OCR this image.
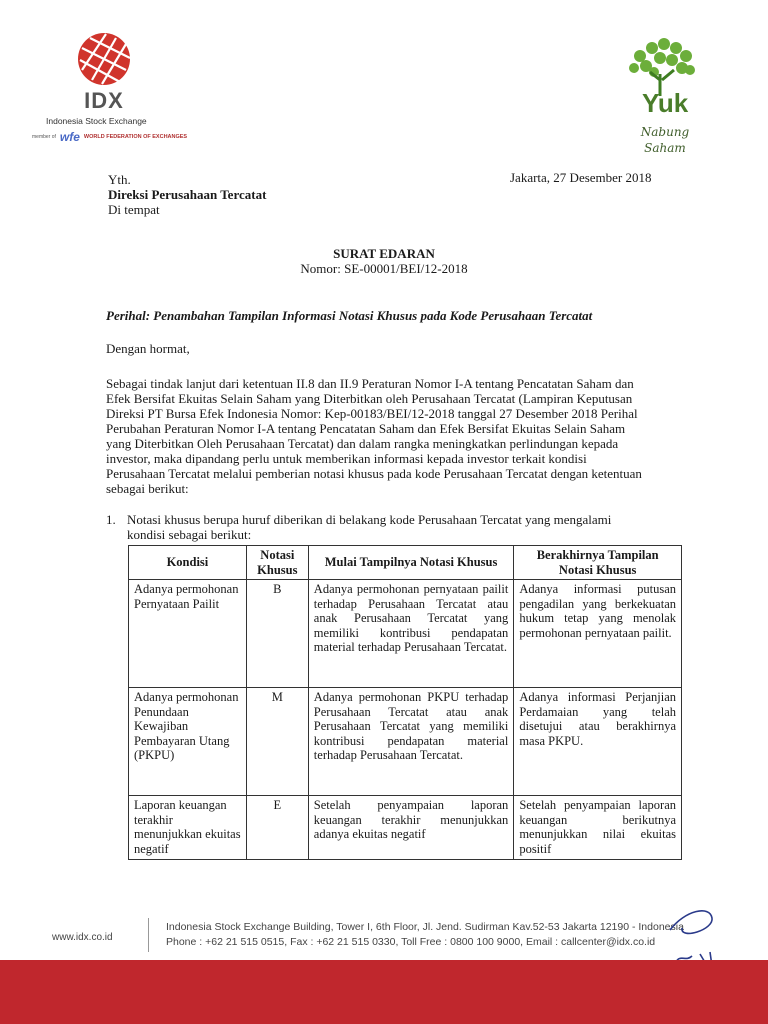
IDX
Indonesia Stock Exchange
member of wfe WORLD FEDERATION OF EXCHANGES
Yuk
Nabung
Saham
Yth.
Direksi Perusahaan Tercatat
Di tempat
Jakarta, 27 Desember 2018
SURAT EDARAN
Nomor: SE-00001/BEI/12-2018
Perihal: Penambahan Tampilan Informasi Notasi Khusus pada Kode Perusahaan Tercatat
Dengan hormat,
Sebagai tindak lanjut dari ketentuan II.8 dan II.9 Peraturan Nomor I-A tentang Pencatatan Saham dan
Efek Bersifat Ekuitas Selain Saham yang Diterbitkan oleh Perusahaan Tercatat (Lampiran Keputusan
Direksi PT Bursa Efek Indonesia Nomor: Kep-00183/BEI/12-2018 tanggal 27 Desember 2018 Perihal
Perubahan Peraturan Nomor I-A tentang Pencatatan Saham dan Efek Bersifat Ekuitas Selain Saham
yang Diterbitkan Oleh Perusahaan Tercatat) dan dalam rangka meningkatkan perlindungan kepada
investor, maka dipandang perlu untuk memberikan informasi kepada investor terkait kondisi
Perusahaan Tercatat melalui pemberian notasi khusus pada kode Perusahaan Tercatat dengan ketentuan
sebagai berikut:
1. Notasi khusus berupa huruf diberikan di belakang kode Perusahaan Tercatat yang mengalami
kondisi sebagai berikut:
Kondisi	Notasi Khusus	Mulai Tampilnya Notasi Khusus	Berakhirnya Tampilan Notasi Khusus
Adanya permohonan Pernyataan Pailit	B	Adanya permohonan pernyataan pailit terhadap Perusahaan Tercatat atau anak Perusahaan Tercatat yang memiliki kontribusi pendapatan material terhadap Perusahaan Tercatat.	Adanya informasi putusan pengadilan yang berkekuatan hukum tetap yang menolak permohonan pernyataan pailit.
Adanya permohonan Penundaan Kewajiban Pembayaran Utang (PKPU)	M	Adanya permohonan PKPU terhadap Perusahaan Tercatat atau anak Perusahaan Tercatat yang memiliki kontribusi pendapatan material terhadap Perusahaan Tercatat.	Adanya informasi Perjanjian Perdamaian yang telah disetujui atau berakhirnya masa PKPU.
Laporan keuangan terakhir menunjukkan ekuitas negatif	E	Setelah penyampaian laporan keuangan terakhir menunjukkan adanya ekuitas negatif	Setelah penyampaian laporan keuangan berikutnya menunjukkan nilai ekuitas positif
www.idx.co.id
Indonesia Stock Exchange Building, Tower I, 6th Floor, Jl. Jend. Sudirman Kav.52-53 Jakarta 12190 - Indonesia
Phone : +62 21 515 0515, Fax : +62 21 515 0330, Toll Free : 0800 100 9000, Email : callcenter@idx.co.id
